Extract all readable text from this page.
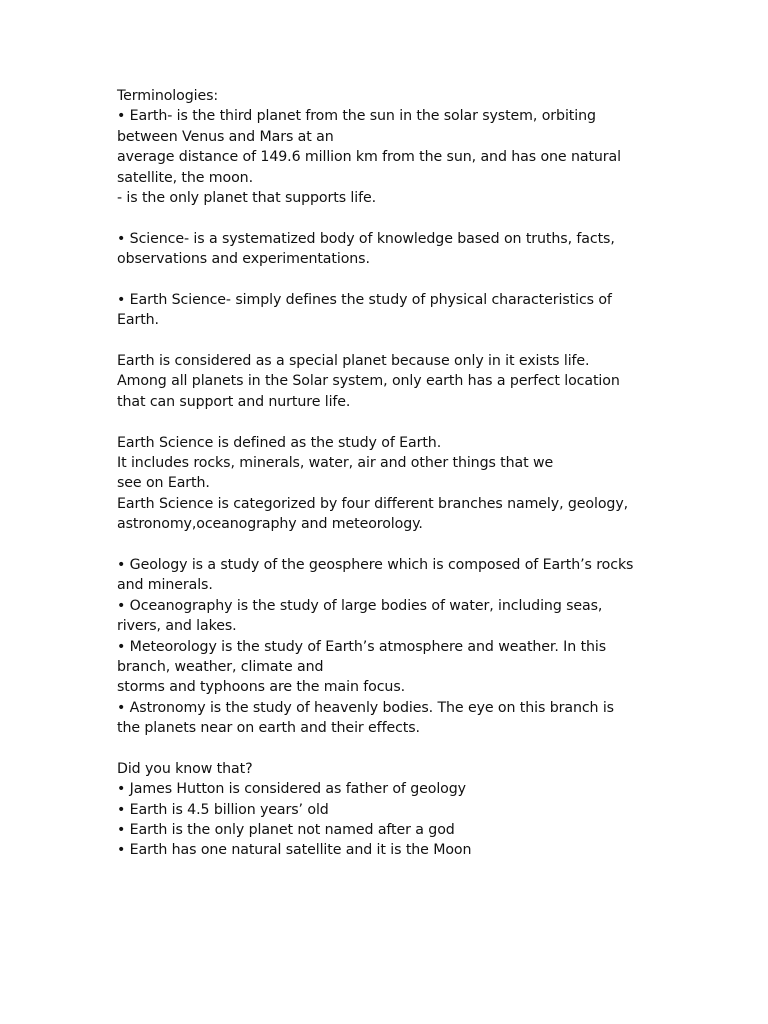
Terminologies:
• Earth- is the third planet from the sun in the solar system, orbiting
between Venus and Mars at an
average distance of 149.6 million km from the sun, and has one natural
satellite, the moon.
- is the only planet that supports life.
• Science- is a systematized body of knowledge based on truths, facts,
observations and experimentations.
• Earth Science- simply defines the study of physical characteristics of
Earth.
Earth is considered as a special planet because only in it exists life.
Among all planets in the Solar system, only earth has a perfect location
that can support and nurture life.
Earth Science is defined as the study of Earth.
It includes rocks, minerals, water, air and other things that we
see on Earth.
Earth Science is categorized by four different branches namely, geology,
astronomy,oceanography and meteorology.
• Geology is a study of the geosphere which is composed of Earth’s rocks
and minerals.
• Oceanography is the study of large bodies of water, including seas,
rivers, and lakes.
• Meteorology is the study of Earth’s atmosphere and weather. In this
branch, weather, climate and
storms and typhoons are the main focus.
• Astronomy is the study of heavenly bodies. The eye on this branch is
the planets near on earth and their effects.
Did you know that?
• James Hutton is considered as father of geology
• Earth is 4.5 billion years’ old
• Earth is the only planet not named after a god
• Earth has one natural satellite and it is the Moon
